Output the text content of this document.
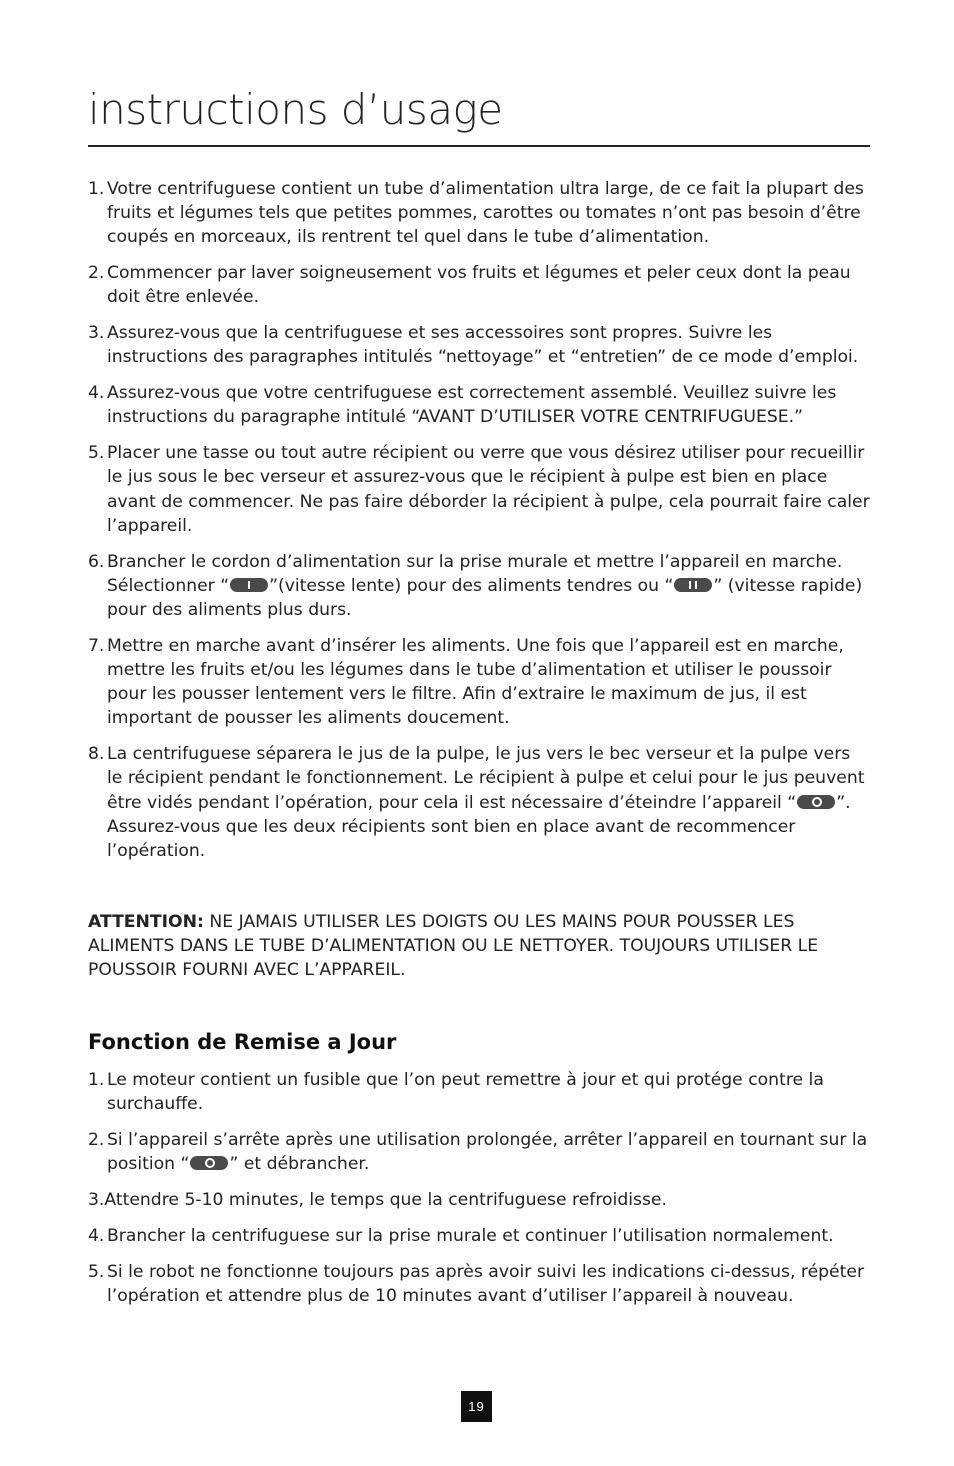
instructions d’usage
1. Votre centrifuguese contient un tube d’alimentation ultra large, de ce fait la plupart des fruits et légumes tels que petites pommes, carottes ou tomates n’ont pas besoin d’être coupés en morceaux, ils rentrent tel quel dans le tube d’alimentation.
2. Commencer par laver soigneusement vos fruits et légumes et peler ceux dont la peau doit être enlevée.
3. Assurez-vous que la centrifuguese et ses accessoires sont propres. Suivre les instructions des paragraphes intitulés “nettoyage” et “entretien” de ce mode d’emploi.
4. Assurez-vous que votre centrifuguese est correctement assemblé. Veuillez suivre les instructions du paragraphe intitulé “AVANT D’UTILISER VOTRE CENTRIFUGUESE.”
5. Placer une tasse ou tout autre récipient ou verre que vous désirez utiliser pour recueillir le jus sous le bec verseur et assurez-vous que le récipient à pulpe est bien en place avant de commencer. Ne pas faire déborder la récipient à pulpe, cela pourrait faire caler l’appareil.
6. Brancher le cordon d’alimentation sur la prise murale et mettre l’appareil en marche. Sélectionner “ ”(vitesse lente) pour des aliments tendres ou “ ” (vitesse rapide) pour des aliments plus durs.
7. Mettre en marche avant d’insérer les aliments. Une fois que l’appareil est en marche, mettre les fruits et/ou les légumes dans le tube d’alimentation et utiliser le poussoir pour les pousser lentement vers le filtre. Afin d’extraire le maximum de jus, il est important de pousser les aliments doucement.
8. La centrifuguese séparera le jus de la pulpe, le jus vers le bec verseur et la pulpe vers le récipient pendant le fonctionnement. Le récipient à pulpe et celui pour le jus peuvent être vidés pendant l’opération, pour cela il est nécessaire d’éteindre l’appareil “ ”. Assurez-vous que les deux récipients sont bien en place avant de recommencer l’opération.

ATTENTION: NE JAMAIS UTILISER LES DOIGTS OU LES MAINS POUR POUSSER LES ALIMENTS DANS LE TUBE D’ALIMENTATION OU LE NETTOYER. TOUJOURS UTILISER LE POUSSOIR FOURNI AVEC L’APPAREIL.

Fonction de Remise a Jour
1. Le moteur contient un fusible que l’on peut remettre à jour et qui protége contre la surchauffe.
2. Si l’appareil s’arrête après une utilisation prolongée, arrêter l’appareil en tournant sur la position “ ” et débrancher.
3.Attendre 5-10 minutes, le temps que la centrifuguese refroidisse.
4. Brancher la centrifuguese sur la prise murale et continuer l’utilisation normalement.
5. Si le robot ne fonctionne toujours pas après avoir suivi les indications ci-dessus, répéter l’opération et attendre plus de 10 minutes avant d’utiliser l’appareil à nouveau.
19
